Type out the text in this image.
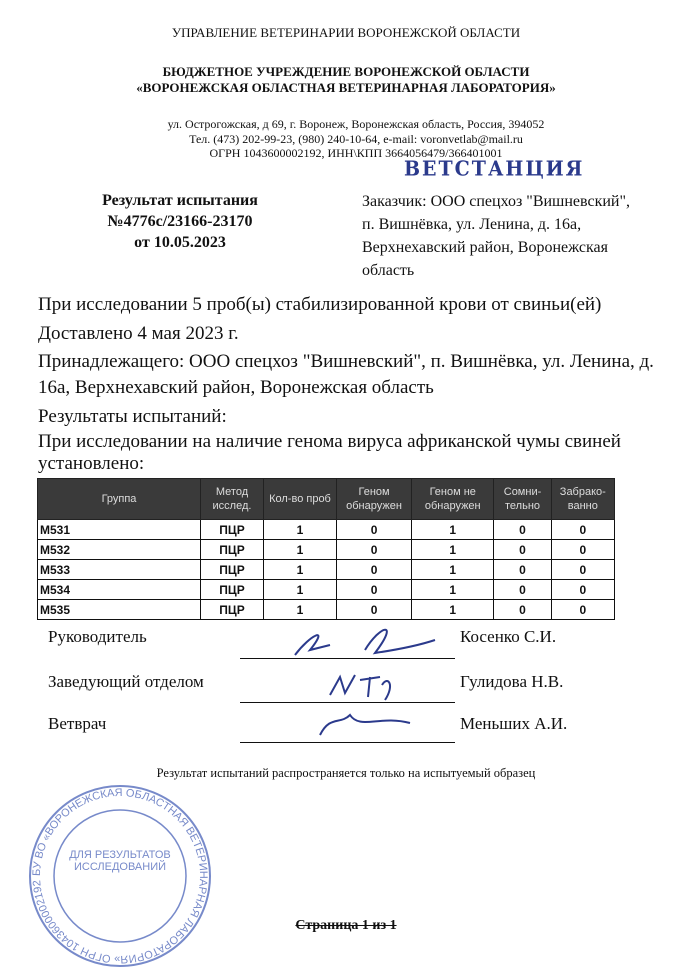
УПРАВЛЕНИЕ ВЕТЕРИНАРИИ ВОРОНЕЖСКОЙ ОБЛАСТИ
БЮДЖЕТНОЕ УЧРЕЖДЕНИЕ ВОРОНЕЖСКОЙ ОБЛАСТИ
«ВОРОНЕЖСКАЯ ОБЛАСТНАЯ ВЕТЕРИНАРНАЯ ЛАБОРАТОРИЯ»
ул. Острогожская, д 69, г. Воронеж, Воронежская область, Россия, 394052
Тел. (473) 202-99-23, (980) 240-10-64, e-mail: voronvetlab@mail.ru
ОГРН 1043600002192, ИНН\КПП 3664056479/366401001
ВЕТСТАНЦИЯ
Результат испытания
№4776с/23166-23170
от 10.05.2023
Заказчик: ООО спецхоз "Вишневский", п. Вишнёвка, ул. Ленина, д. 16а, Верхнехавский район, Воронежская область
При исследовании 5 проб(ы) стабилизированной крови от свиньи(ей)
Доставлено 4 мая 2023 г.
Принадлежащего: ООО спецхоз "Вишневский", п. Вишнёвка, ул. Ленина, д. 16а, Верхнехавский район, Воронежская область
Результаты испытаний:
При исследовании на наличие генома вируса африканской чумы свиней установлено:
Группа	Метод исслед.	Кол-во проб	Геном обнаружен	Геном не обнаружен	Сомни-тельно	Забрако-ванно
М531	ПЦР	1	0	1	0	0
М532	ПЦР	1	0	1	0	0
М533	ПЦР	1	0	1	0	0
М534	ПЦР	1	0	1	0	0
М535	ПЦР	1	0	1	0	0
Руководитель	Косенко С.И.
Заведующий отделом	Гулидова Н.В.
Ветврач	Меньших А.И.
Результат испытаний распространяется только на испытуемый образец
БУ ВО «ВОРОНЕЖСКАЯ ОБЛАСТНАЯ ВЕТЕРИНАРНАЯ ЛАБОРАТОРИЯ» ОГРН 1043600002192
ДЛЯ РЕЗУЛЬТАТОВ ИССЛЕДОВАНИЙ
Страница 1 из 1
